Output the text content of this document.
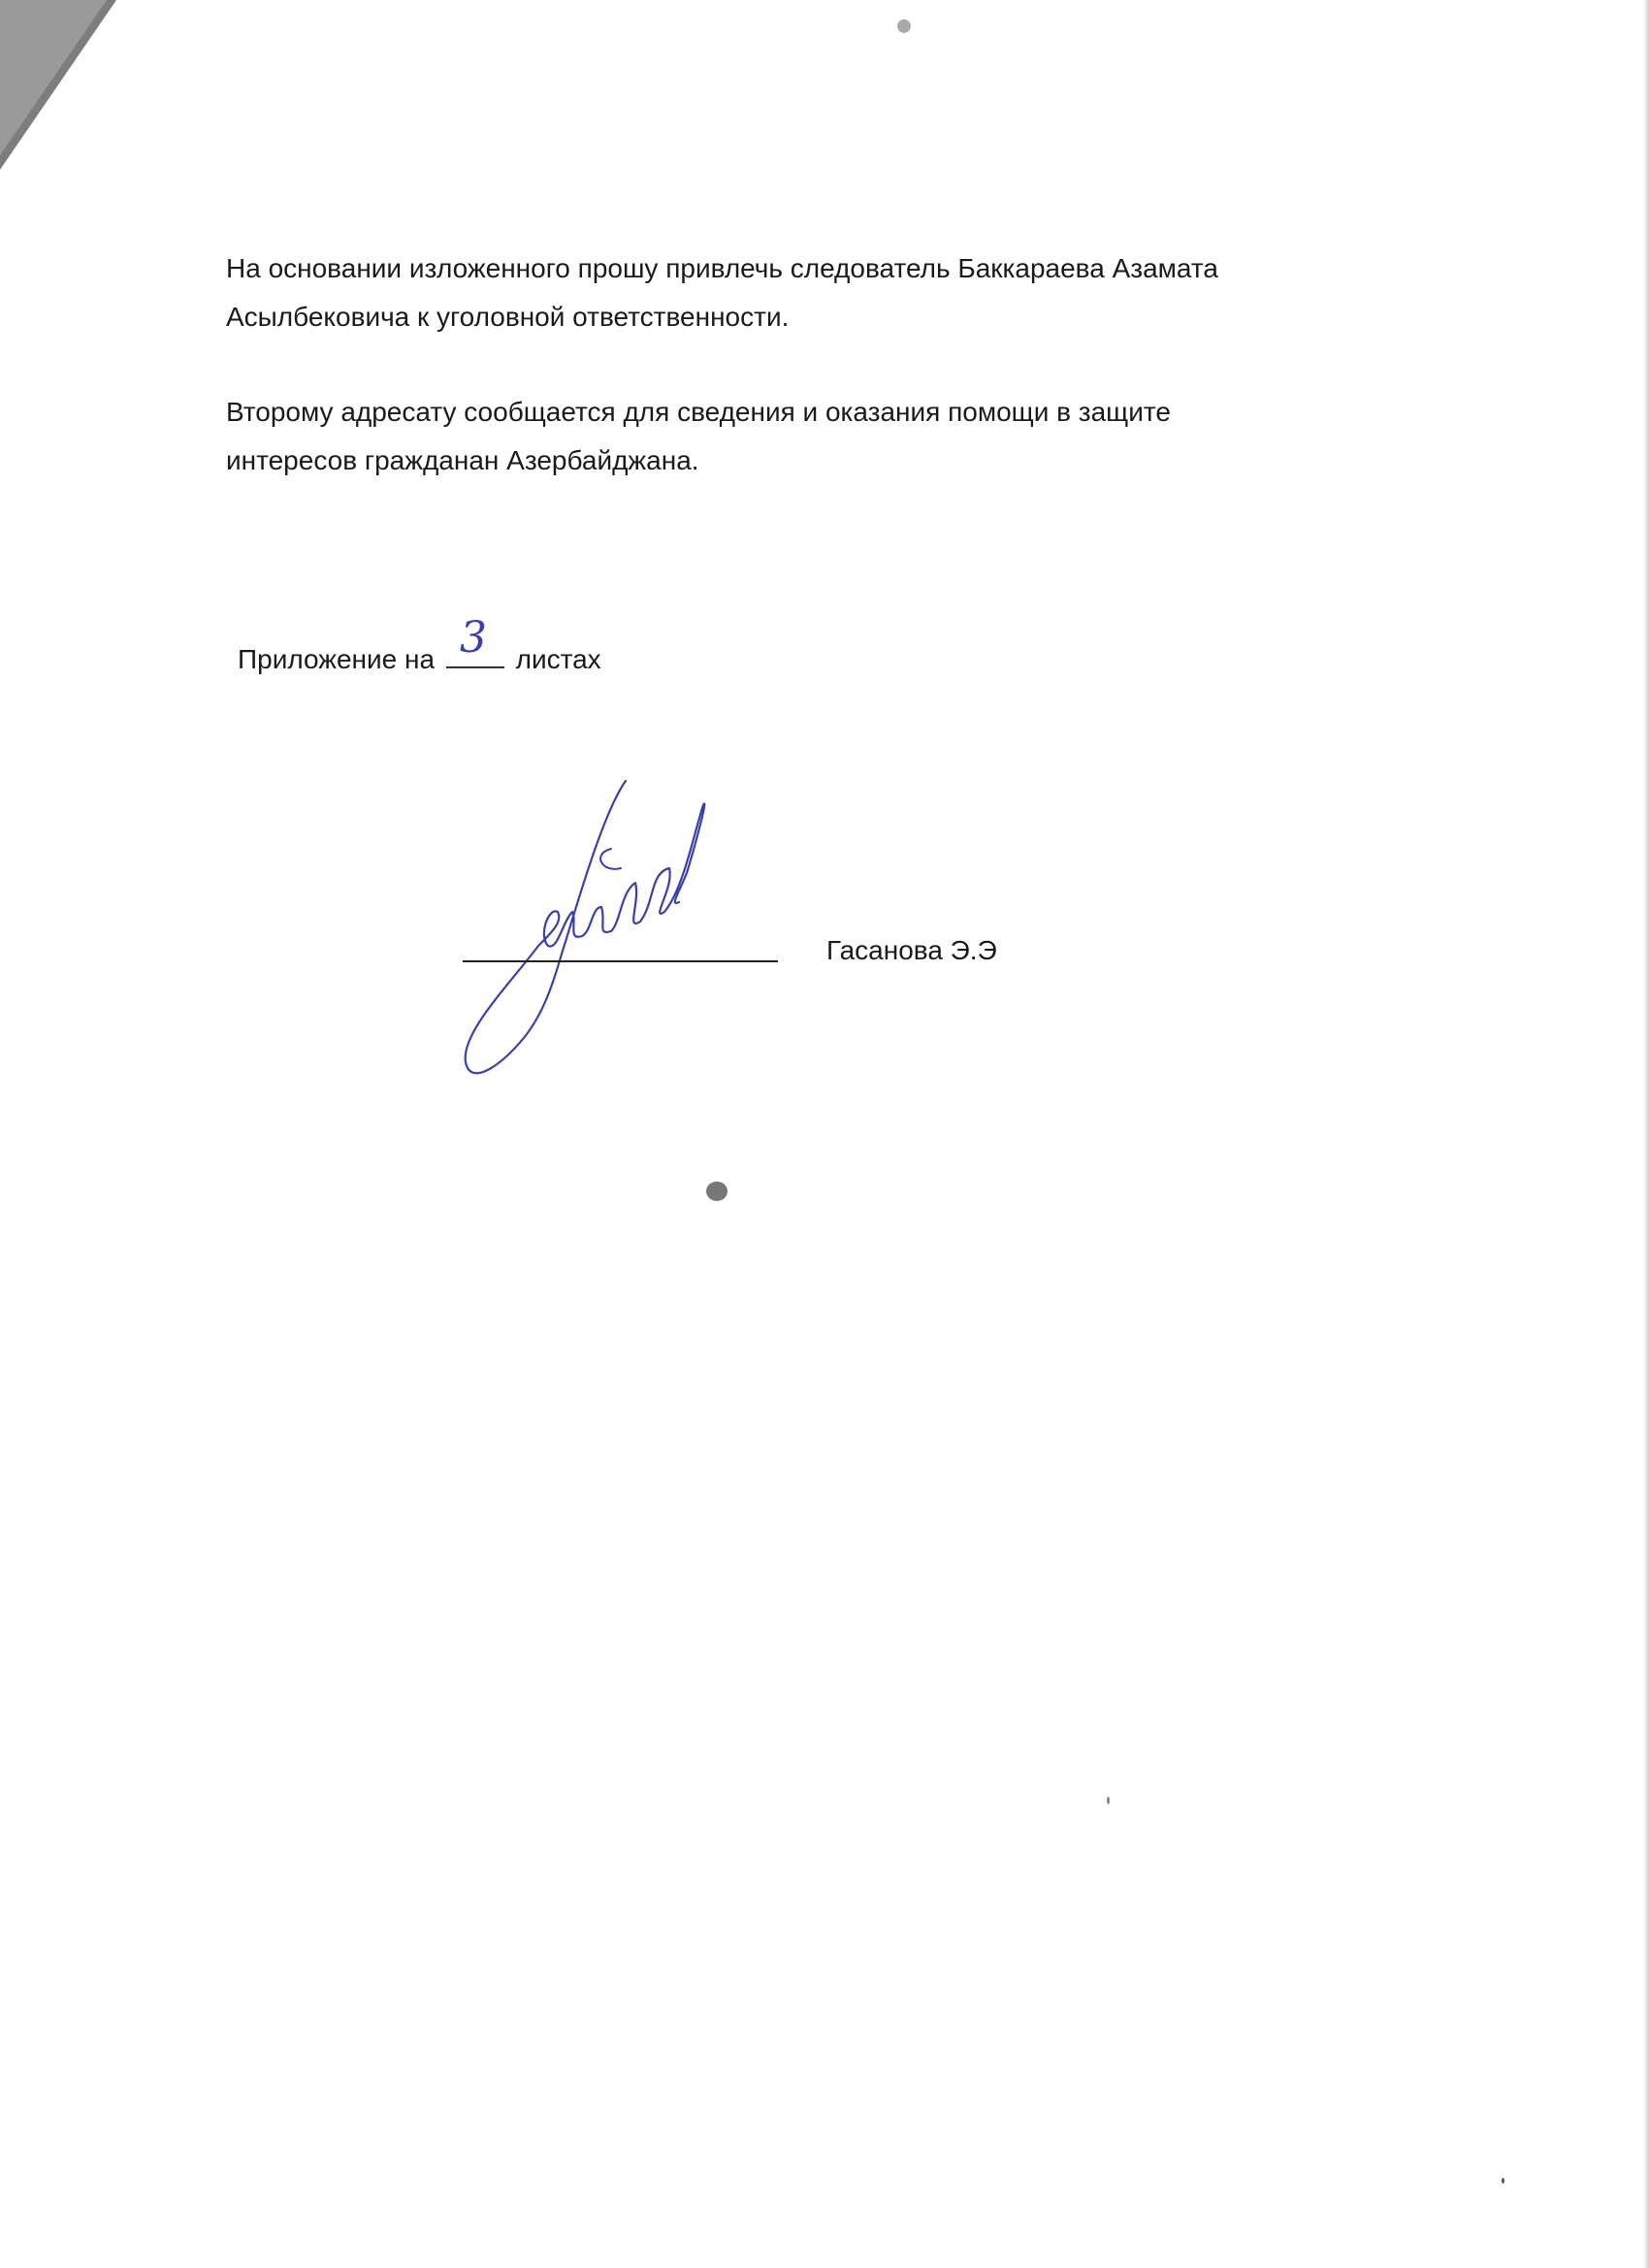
На основании изложенного прошу привлечь следователь Баккараева Азамата
Асылбековича к уголовной ответственности.

Второму адресату сообщается для сведения и оказания помощи в защите
интересов гражданан Азербайджана.

Приложение на 3 листах
Гасанова Э.Э
